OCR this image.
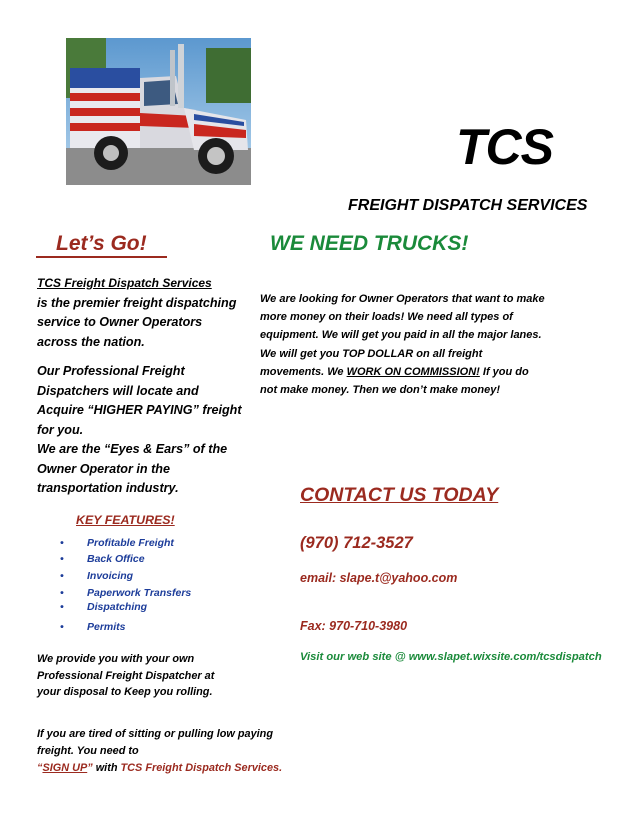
TCS
FREIGHT DISPATCH SERVICES
Let’s Go!	WE NEED TRUCKS!

TCS Freight Dispatch Services
is the premier freight dispatching service to Owner Operators across the nation.

Our Professional Freight Dispatchers will locate and Acquire “HIGHER PAYING” freight for you.

We are the “Eyes & Ears” of the Owner Operator in the transportation industry.

We are looking for Owner Operators that want to make more money on their loads! We need all types of equipment. We will get you paid in all the major lanes. We will get you TOP DOLLAR on all freight movements. We WORK ON COMMISSION! If you do not make money. Then we don’t make money!
KEY FEATURES!
• Profitable Freight
• Back Office
• Invoicing
• Paperwork Transfers
• Dispatching
• Permits
CONTACT US TODAY
(970) 712-3527
email: slape.t@yahoo.com
Fax: 970-710-3980
Visit our web site @ www.slapet.wixsite.com/tcsdispatch
We provide you with your own Professional Freight Dispatcher at your disposal to Keep you rolling.
If you are tired of sitting or pulling low paying freight. You need to
“SIGN UP” with TCS Freight Dispatch Services.
